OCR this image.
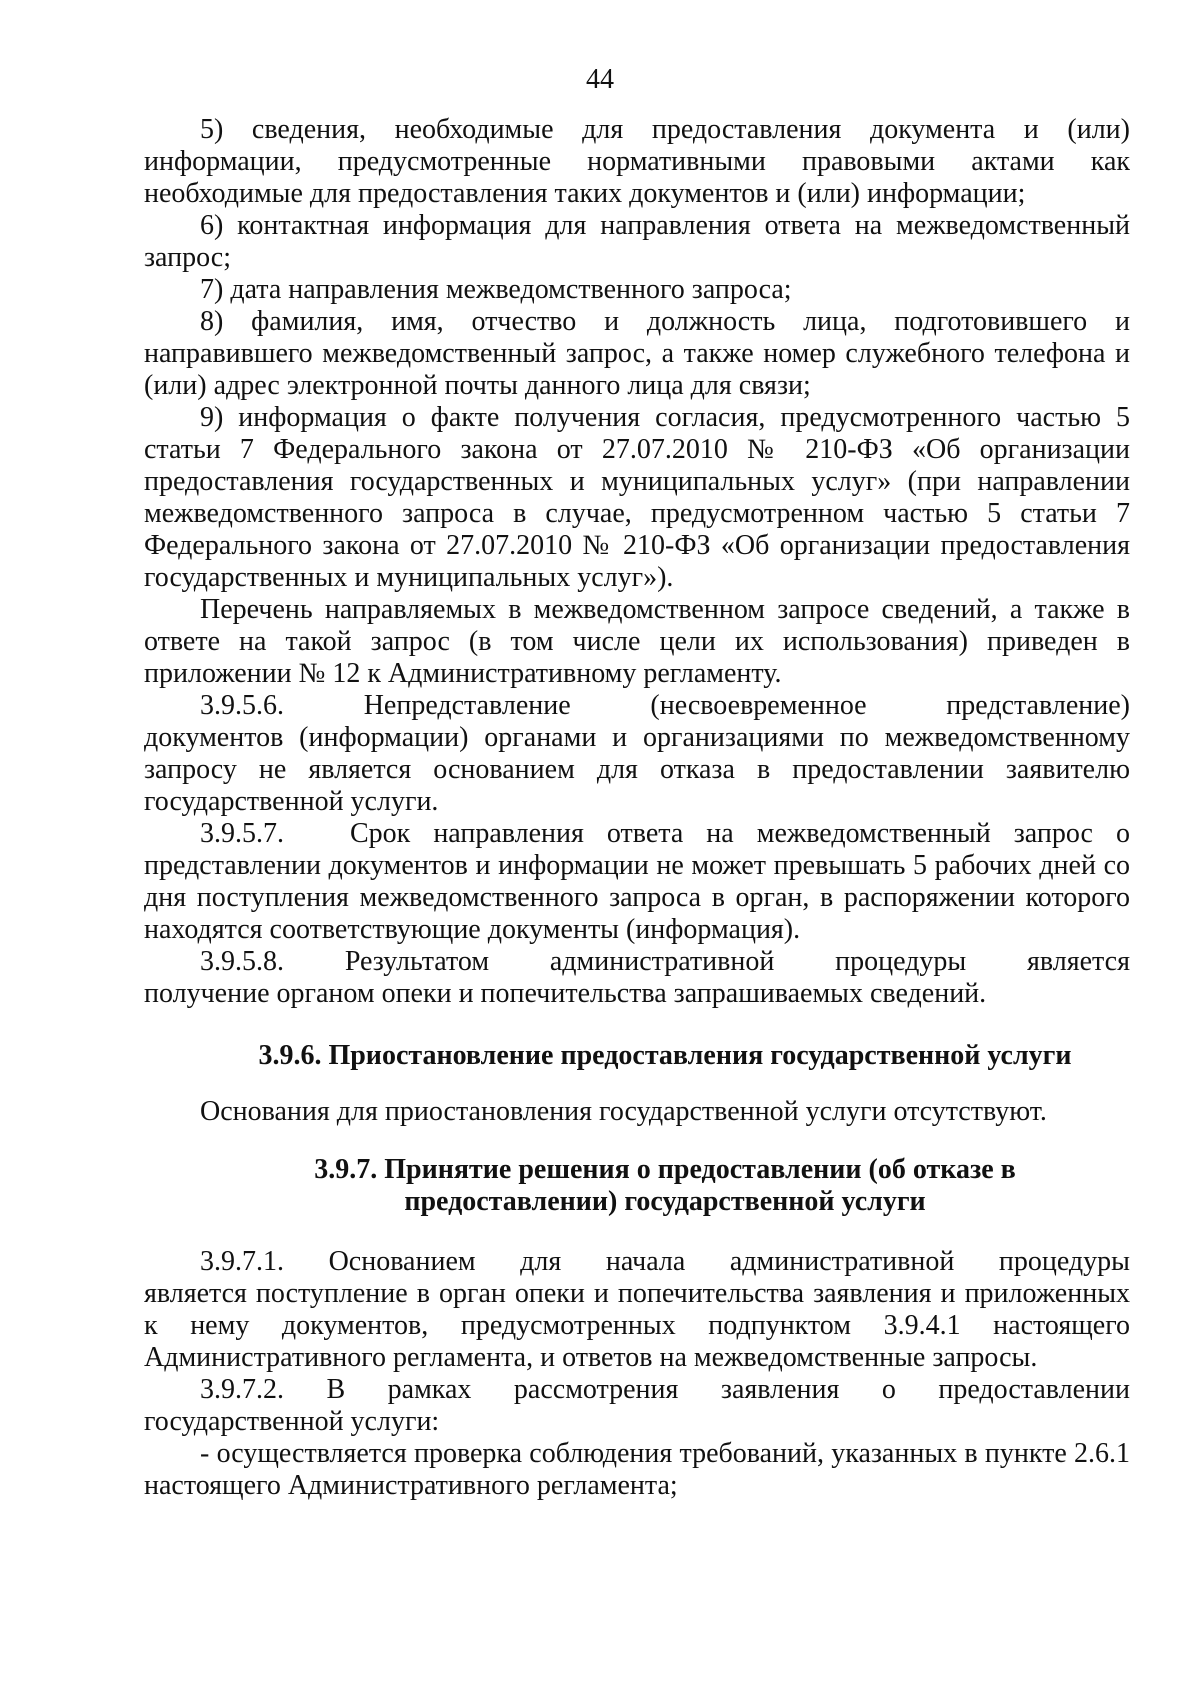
44
5) сведения, необходимые для предоставления документа и (или)

информации, предусмотренные нормативными правовыми актами как

необходимые для предоставления таких документов и (или) информации;

6) контактная информация для направления ответа на межведомственный запрос;

7) дата направления межведомственного запроса;

8) фамилия, имя, отчество и должность лица, подготовившего и направившего межведомственный запрос, а также номер служебного телефона и (или) адрес электронной почты данного лица для связи;

9) информация о факте получения согласия, предусмотренного частью 5 статьи 7 Федерального закона от 27.07.2010 № 210-ФЗ «Об организации предоставления государственных и муниципальных услуг» (при направлении межведомственного запроса в случае, предусмотренном частью 5 статьи 7 Федерального закона от 27.07.2010 № 210-ФЗ «Об организации предоставления государственных и муниципальных услуг»).

Перечень направляемых в межведомственном запросе сведений, а также в ответе на такой запрос (в том числе цели их использования) приведен в приложении № 12 к Административному регламенту.

3.9.5.6.	Непредставление	(несвоевременное	представление)

документов (информации) органами и организациями по межведомственному запросу не является основанием для отказа в предоставлении заявителю государственной услуги.

3.9.5.7. Срок направления ответа на межведомственный запрос о

представлении документов и информации не может превышать 5 рабочих дней со дня поступления межведомственного запроса в орган, в распоряжении которого находятся соответствующие документы (информация).

3.9.5.8. Результатом административной процедуры является

получение органом опеки и попечительства запрашиваемых сведений.

3.9.6. Приостановление предоставления государственной услуги

Основания для приостановления государственной услуги отсутствуют.

3.9.7. Принятие решения о предоставлении (об отказе в
предоставлении) государственной услуги
3.9.7.1. Основанием для начала административной процедуры

является поступление в орган опеки и попечительства заявления и приложенных к нему документов, предусмотренных подпунктом 3.9.4.1 настоящего Административного регламента, и ответов на межведомственные запросы.

3.9.7.2. В рамках рассмотрения заявления о предоставлении

государственной услуги:

- осуществляется проверка соблюдения требований, указанных в пункте 2.6.1 настоящего Административного регламента;
